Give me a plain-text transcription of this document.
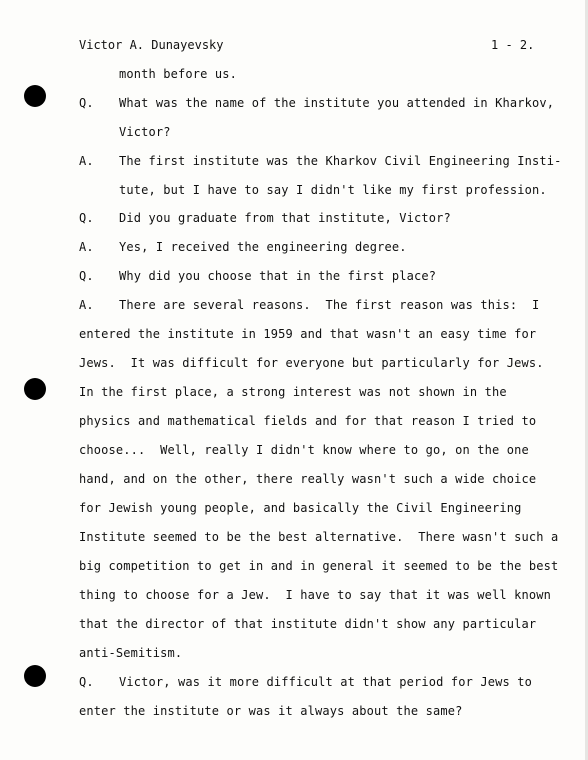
Victor A. Dunayevsky	1 - 2.
month before us.
Q. What was the name of the institute you attended in Kharkov,
Victor?
A. The first institute was the Kharkov Civil Engineering Insti-
tute, but I have to say I didn't like my first profession.
Q. Did you graduate from that institute, Victor?
A. Yes, I received the engineering degree.
Q. Why did you choose that in the first place?
A. There are several reasons.  The first reason was this:  I
entered the institute in 1959 and that wasn't an easy time for
Jews.  It was difficult for everyone but particularly for Jews.
In the first place, a strong interest was not shown in the
physics and mathematical fields and for that reason I tried to
choose...  Well, really I didn't know where to go, on the one
hand, and on the other, there really wasn't such a wide choice
for Jewish young people, and basically the Civil Engineering
Institute seemed to be the best alternative.  There wasn't such a
big competition to get in and in general it seemed to be the best
thing to choose for a Jew.  I have to say that it was well known
that the director of that institute didn't show any particular
anti-Semitism.
Q. Victor, was it more difficult at that period for Jews to
enter the institute or was it always about the same?
